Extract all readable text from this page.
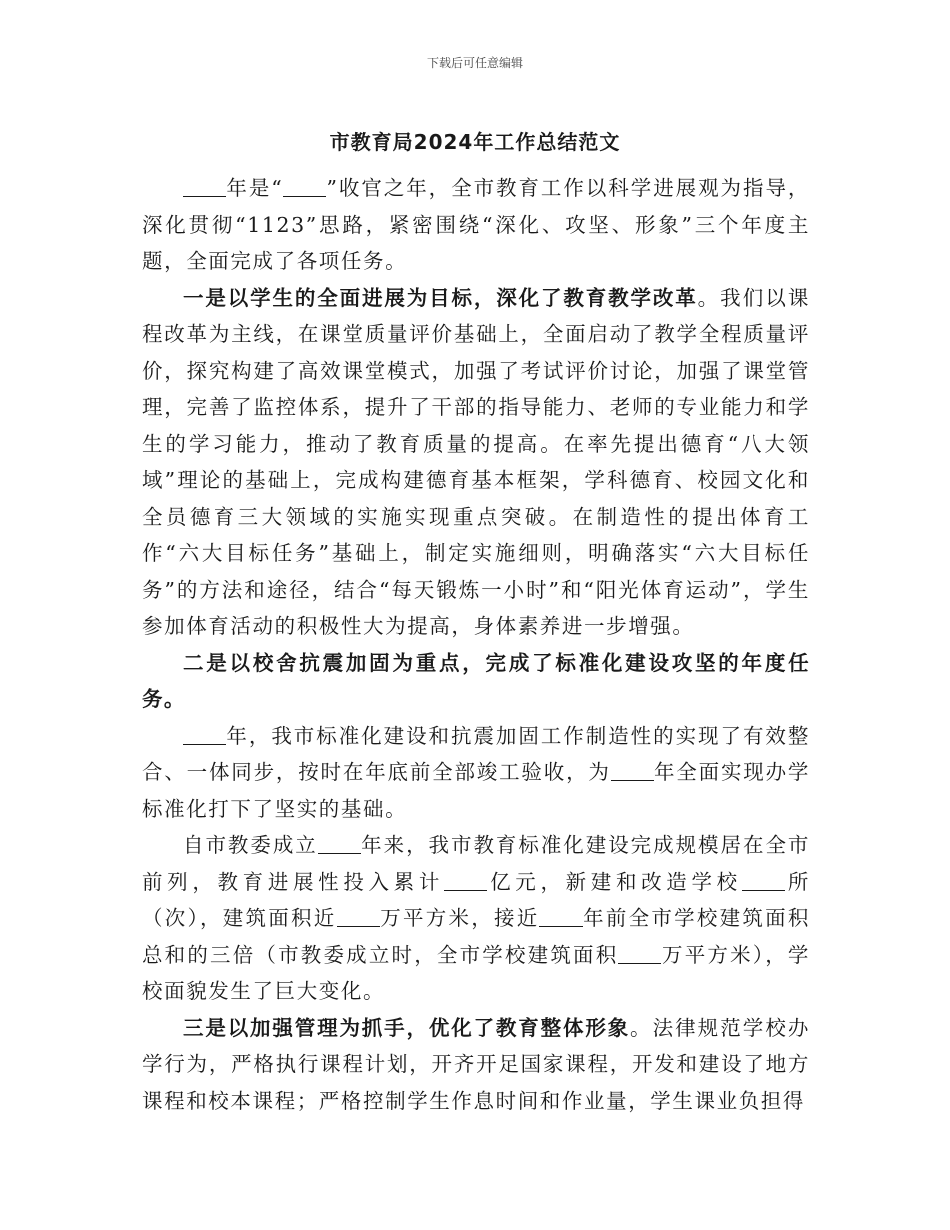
下载后可任意编辑
市教育局2024年工作总结范文

年是“ ”收官之年，全市教育工作以科学进展观为指导，深化贯彻“1123”思路，紧密围绕“深化、攻坚、形象”三个年度主题，全面完成了各项任务。

一是以学生的全面进展为目标，深化了教育教学改革。我们以课程改革为主线，在课堂质量评价基础上，全面启动了教学全程质量评价，探究构建了高效课堂模式，加强了考试评价讨论，加强了课堂管理，完善了监控体系，提升了干部的指导能力、老师的专业能力和学生的学习能力，推动了教育质量的提高。在率先提出德育“八大领域”理论的基础上，完成构建德育基本框架，学科德育、校园文化和全员德育三大领域的实施实现重点突破。在制造性的提出体育工作“六大目标任务”基础上，制定实施细则，明确落实“六大目标任务”的方法和途径，结合“每天锻炼一小时”和“阳光体育运动”，学生参加体育活动的积极性大为提高，身体素养进一步增强。

二是以校舍抗震加固为重点，完成了标准化建设攻坚的年度任务。

年，我市标准化建设和抗震加固工作制造性的实现了有效整合、一体同步，按时在年底前全部竣工验收，为 年全面实现办学标准化打下了坚实的基础。

自市教委成立 年来，我市教育标准化建设完成规模居在全市前列，教育进展性投入累计 亿元，新建和改造学校 所（次），建筑面积近 万平方米，接近 年前全市学校建筑面积总和的三倍（市教委成立时，全市学校建筑面积 万平方米），学校面貌发生了巨大变化。

三是以加强管理为抓手，优化了教育整体形象。法律规范学校办学行为，严格执行课程计划，开齐开足国家课程，开发和建设了地方课程和校本课程；严格控制学生作息时间和作业量，学生课业负担得
